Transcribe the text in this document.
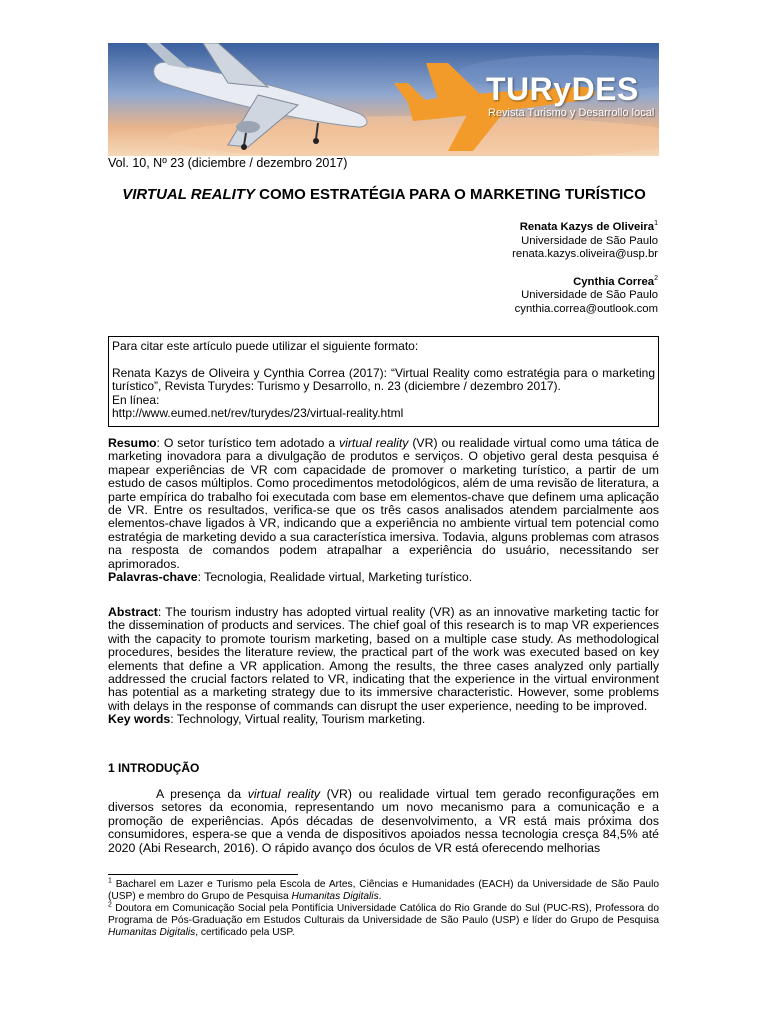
TURyDES
Revista Turismo y Desarrollo local
Vol. 10, Nº 23 (diciembre / dezembro 2017)
VIRTUAL REALITY COMO ESTRATÉGIA PARA O MARKETING TURÍSTICO
Renata Kazys de Oliveira$^1$
Universidade de São Paulo
renata.kazys.oliveira@usp.br
Cynthia Correa$^2$
Universidade de São Paulo
cynthia.correa@outlook.com

Para citar este artículo puede utilizar el siguiente formato:

Renata Kazys de Oliveira y Cynthia Correa (2017): “Virtual Reality como estratégia para o marketing turístico”, Revista Turydes: Turismo y Desarrollo, n. 23 (diciembre / dezembro 2017).

En línea:
http://www.eumed.net/rev/turydes/23/virtual-reality.html
Resumo: O setor turístico tem adotado a virtual reality (VR) ou realidade virtual como uma tática de marketing inovadora para a divulgação de produtos e serviços. O objetivo geral desta pesquisa é mapear experiências de VR com capacidade de promover o marketing turístico, a partir de um estudo de casos múltiplos. Como procedimentos metodológicos, além de uma revisão de literatura, a parte empírica do trabalho foi executada com base em elementos-chave que definem uma aplicação de VR. Entre os resultados, verifica-se que os três casos analisados atendem parcialmente aos elementos-chave ligados à VR, indicando que a experiência no ambiente virtual tem potencial como estratégia de marketing devido a sua característica imersiva. Todavia, alguns problemas com atrasos na resposta de comandos podem atrapalhar a experiência do usuário, necessitando ser aprimorados.
Palavras-chave: Tecnologia, Realidade virtual, Marketing turístico.
Abstract: The tourism industry has adopted virtual reality (VR) as an innovative marketing tactic for the dissemination of products and services. The chief goal of this research is to map VR experiences with the capacity to promote tourism marketing, based on a multiple case study. As methodological procedures, besides the literature review, the practical part of the work was executed based on key elements that define a VR application. Among the results, the three cases analyzed only partially addressed the crucial factors related to VR, indicating that the experience in the virtual environment has potential as a marketing strategy due to its immersive characteristic. However, some problems with delays in the response of commands can disrupt the user experience, needing to be improved.
Key words: Technology, Virtual reality, Tourism marketing.
1 INTRODUÇÃO
A presença da virtual reality (VR) ou realidade virtual tem gerado reconfigurações em diversos setores da economia, representando um novo mecanismo para a comunicação e a promoção de experiências. Após décadas de desenvolvimento, a VR está mais próxima dos consumidores, espera-se que a venda de dispositivos apoiados nessa tecnologia cresça 84,5% até 2020 (Abi Research, 2016). O rápido avanço dos óculos de VR está oferecendo melhorias
$^1$ Bacharel em Lazer e Turismo pela Escola de Artes, Ciências e Humanidades (EACH) da Universidade de São Paulo (USP) e membro do Grupo de Pesquisa Humanitas Digitalis.
$^2$ Doutora em Comunicação Social pela Pontifícia Universidade Católica do Rio Grande do Sul (PUC-RS), Professora do Programa de Pós-Graduação em Estudos Culturais da Universidade de São Paulo (USP) e líder do Grupo de Pesquisa Humanitas Digitalis, certificado pela USP.
